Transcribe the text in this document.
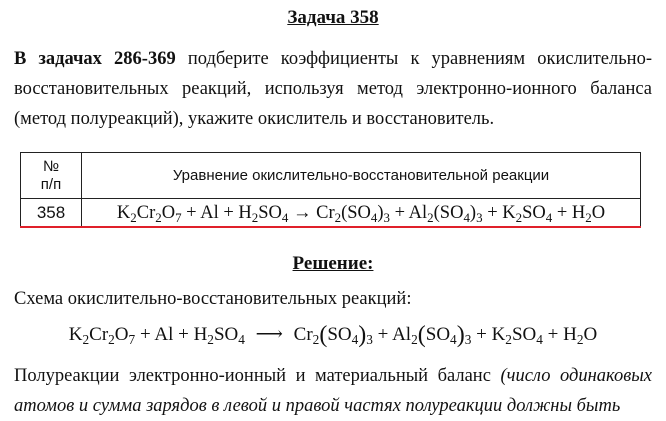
Задача 358
В задачах 286-369 подберите коэффициенты к уравнениям окислительно-восстановительных реакций, используя метод электронно-ионного баланса (метод полуреакций), укажите окислитель и восстановитель.
№
п/п	Уравнение окислительно-восстановительной реакции
358	$K_2Cr_2O_7 + Al + H_2SO_4 \to Cr_2(SO_4)_3 + Al_2(SO_4)_3 + K_2SO_4 + H_2O$
Решение:
Схема окислительно-восстановительных реакций:
$K_2Cr_2O_7 + Al + H_2SO_4$ ⟶ $Cr_2(SO_4)_3 + Al_2(SO_4)_3 + K_2SO_4 + H_2O$
Полуреакции электронно-ионный и материальный баланс (число одинаковых атомов и сумма зарядов в левой и правой частях полуреакции должны быть
